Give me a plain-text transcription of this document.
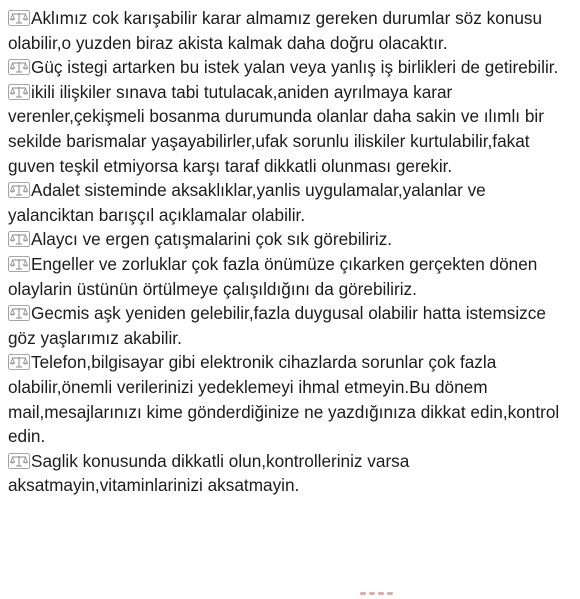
Aklımız cok karışabilir karar almamız gereken durumlar söz konusu olabilir,o yuzden biraz akista kalmak daha doğru olacaktır.

Güç istegi artarken bu istek yalan veya yanlış iş birlikleri de getirebilir.

ikili ilişkiler sınava tabi tutulacak,aniden ayrılmaya karar verenler,çekişmeli bosanma durumunda olanlar daha sakin ve ılımlı bir sekilde barismalar yaşayabilirler,ufak sorunlu iliskiler kurtulabilir,fakat guven teşkil etmiyorsa karşı taraf dikkatli olunması gerekir.

Adalet sisteminde aksaklıklar,yanlis uygulamalar,yalanlar ve yalanciktan barışçıl açıklamalar olabilir.

Alaycı ve ergen çatışmalarini çok sık görebiliriz.

Engeller ve zorluklar çok fazla önümüze çıkarken gerçekten dönen olaylarin üstünün örtülmeye çalışıldığını da görebiliriz.

Gecmis aşk yeniden gelebilir,fazla duygusal olabilir hatta istemsizce göz yaşlarımız akabilir.

Telefon,bilgisayar gibi elektronik cihazlarda sorunlar çok fazla olabilir,önemli verilerinizi yedeklemeyi ihmal etmeyin.Bu dönem mail,mesajlarınızı kime gönderdiğinize ne yazdığınıza dikkat edin,kontrol edin.

Saglik konusunda dikkatli olun,kontrolleriniz varsa aksatmayin,vitaminlarinizi aksatmayin.
